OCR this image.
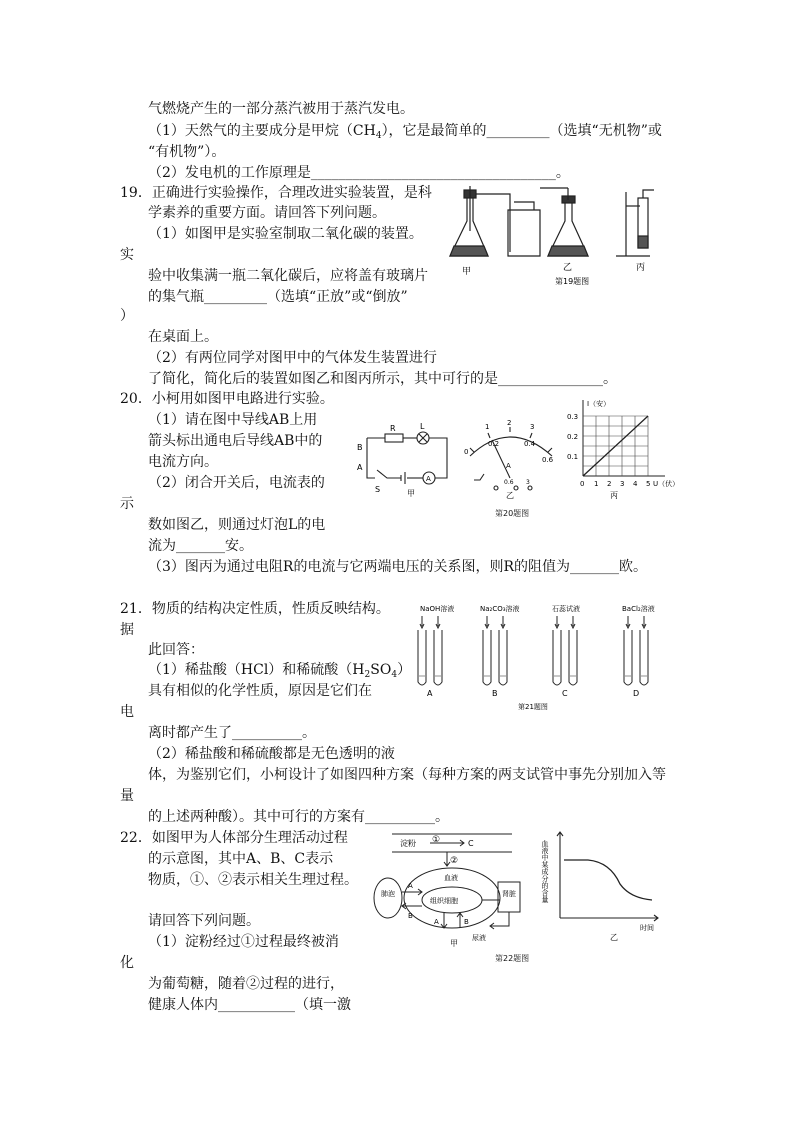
气燃烧产生的一部分蒸汽被用于蒸汽发电。
（1）天然气的主要成分是甲烷$(CH_4)$，它是最简单的_________（选填“无机物”或
“有机物”）。
（2）发电机的工作原理是___________________________________。
19．正确进行实验操作，合理改进实验装置，是科
学素养的重要方面。请回答下列问题。
（1）如图甲是实验室制取二氧化碳的装置。
实
验中收集满一瓶二氧化碳后，应将盖有玻璃片
的集气瓶_________（选填“正放”或“倒放”
）
在桌面上。
（2）有两位同学对图甲中的气体发生装置进行
了简化，简化后的装置如图乙和图丙所示，其中可行的是_______________。
甲	乙	丙
第19题图
20．小柯用如图甲电路进行实验。
（1）请在图中导线AB上用
箭头标出通电后导线AB中的
电流方向。
（2）闭合开关后，电流表的
示
数如图乙，则通过灯泡L的电
流为_______安。
（3）图丙为通过电阻R的电流与它两端电压的关系图，则R的阻值为_______欧。
R	L
B
A
S
A
甲
0
0.2	0.4
0.6
1	2	3
A
0.6 3
乙
I（安）
0.3
0.2
0.1
0 1 2 3 4 5 U（伏）
丙
第20题图
21．物质的结构决定性质，性质反映结构。
据
此回答：
（1）稀盐酸（HCl）和稀硫酸$(H_2SO_4)$
具有相似的化学性质，原因是它们在
电
离时都产生了__________。
（2）稀盐酸和稀硫酸都是无色透明的液
体，为鉴别它们，小柯设计了如图四种方案（每种方案的两支试管中事先分别加入等
量
的上述两种酸）。其中可行的方案有__________。
NaOH溶液	Na₂CO₃溶液	石蕊试液	BaCl₂溶液
A	B	C	D
第21题图
22．如图甲为人体部分生理活动过程
的示意图，其中A、B、C表示
物质，①、②表示相关生理过程。
请回答下列问题。
（1）淀粉经过①过程最终被消
化
为葡萄糖，随着②过程的进行，
健康人体内___________（填一激
淀粉 ①	C
②
血液
组织细胞
肺泡
A
B
A	B
肾脏
尿液
甲
血液中某成分的含量
时间
乙
第22题图
